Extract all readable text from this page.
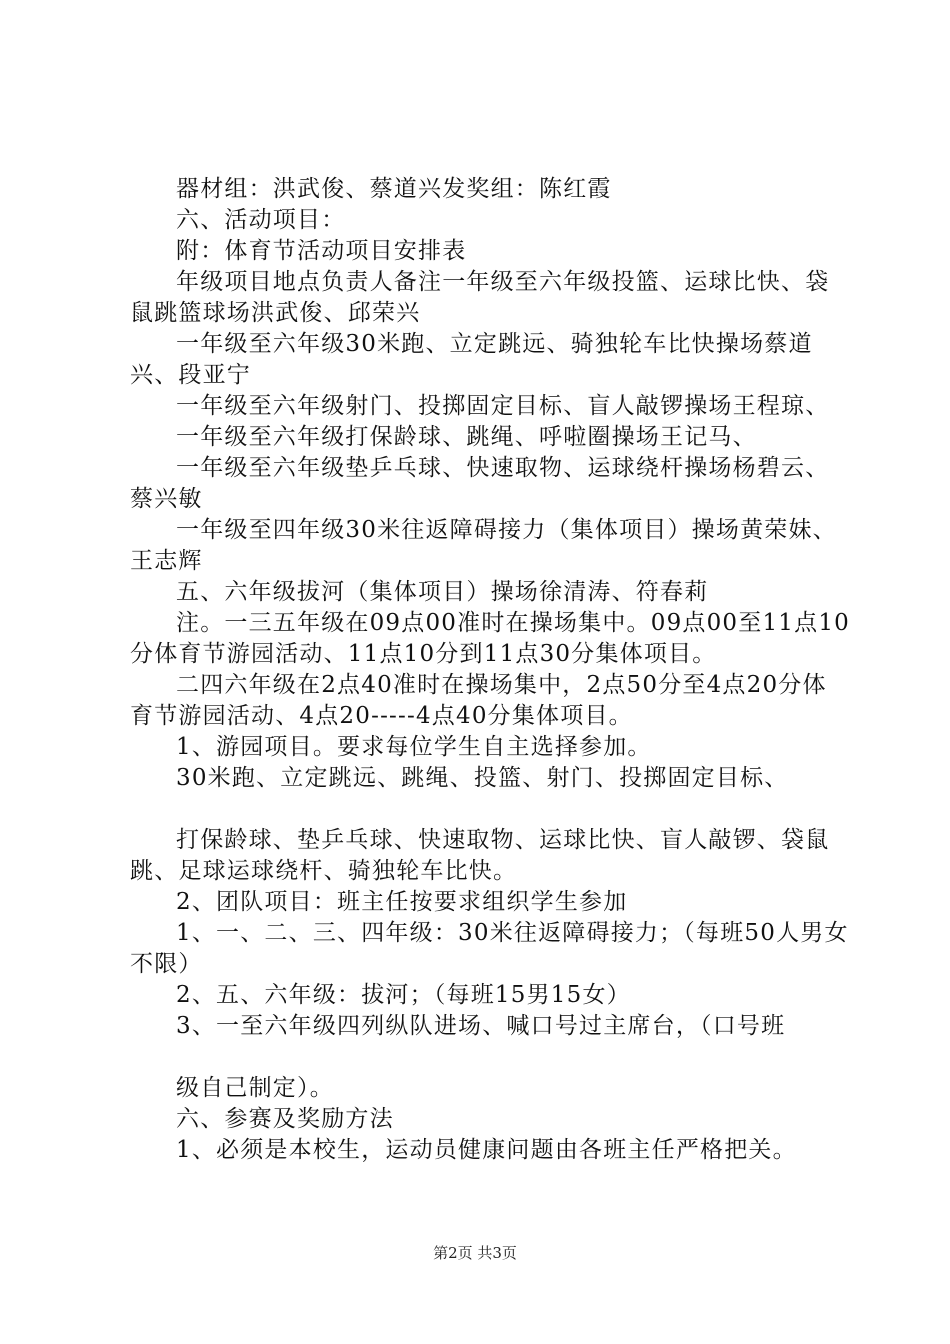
器材组：洪武俊、蔡道兴发奖组：陈红霞

六、活动项目：

附：体育节活动项目安排表

年级项目地点负责人备注一年级至六年级投篮、运球比快、袋鼠跳篮球场洪武俊、邱荣兴

一年级至六年级30米跑、立定跳远、骑独轮车比快操场蔡道兴、段亚宁

一年级至六年级射门、投掷固定目标、盲人敲锣操场王程琼、

一年级至六年级打保龄球、跳绳、呼啦圈操场王记马、

一年级至六年级垫乒乓球、快速取物、运球绕杆操场杨碧云、蔡兴敏

一年级至四年级30米往返障碍接力（集体项目）操场黄荣妹、王志辉

五、六年级拔河（集体项目）操场徐清涛、符春莉

注。一三五年级在09点00准时在操场集中。09点00至11点10分体育节游园活动、11点10分到11点30分集体项目。

二四六年级在2点40准时在操场集中，2点50分至4点20分体育节游园活动、4点20-----4点40分集体项目。

1、游园项目。要求每位学生自主选择参加。

30米跑、立定跳远、跳绳、投篮、射门、投掷固定目标、

打保龄球、垫乒乓球、快速取物、运球比快、盲人敲锣、袋鼠跳、足球运球绕杆、骑独轮车比快。

2、团队项目：班主任按要求组织学生参加

1、一、二、三、四年级：30米往返障碍接力；（每班50人男女不限）

2、五、六年级：拔河；（每班15男15女）

3、一至六年级四列纵队进场、喊口号过主席台，（口号班

级自己制定）。

六、参赛及奖励方法

1、必须是本校生，运动员健康问题由各班主任严格把关。

第2页 共3页
